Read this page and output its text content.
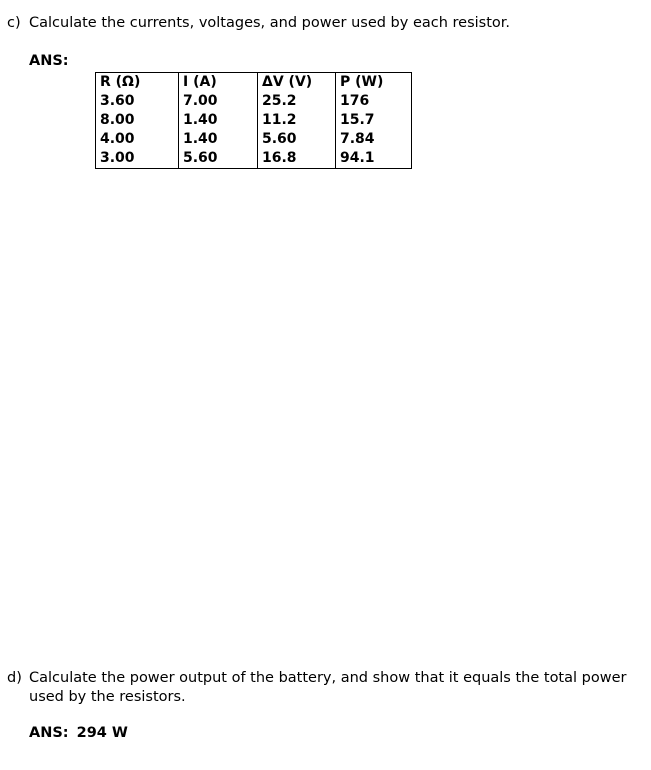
c) Calculate the currents, voltages, and power used by each resistor.
ANS:
R (Ω)	I (A)	ΔV (V)	P (W)
3.60	7.00	25.2	176
8.00	1.40	11.2	15.7
4.00	1.40	5.60	7.84
3.00	5.60	16.8	94.1
d) Calculate the power output of the battery, and show that it equals the total power
used by the resistors.
ANS: 294 W
